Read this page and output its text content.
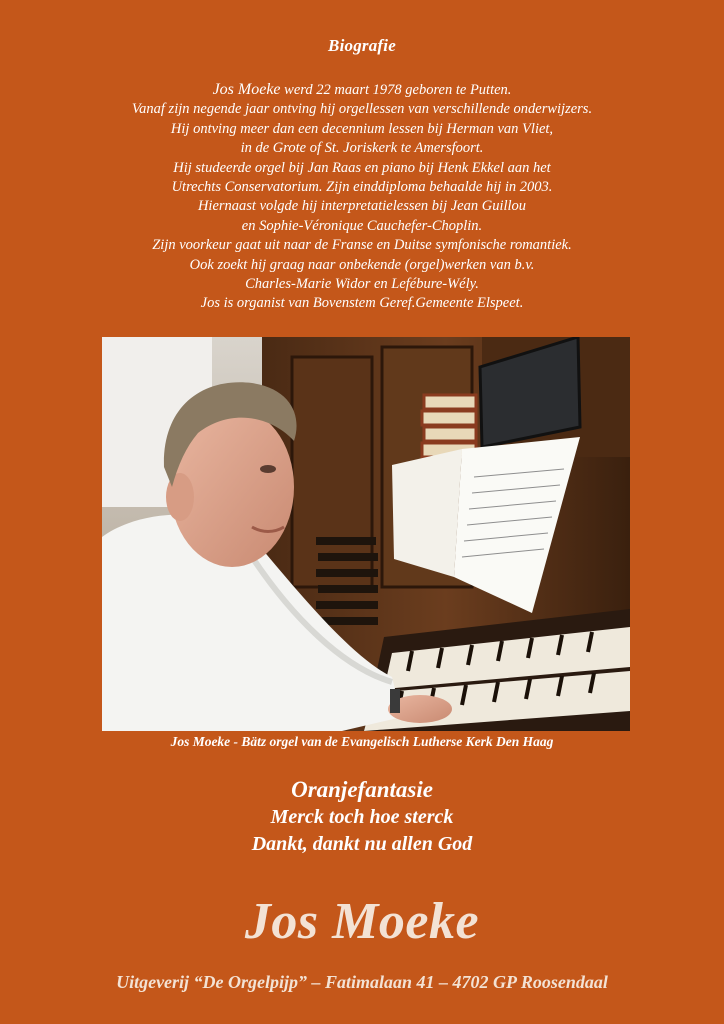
Biografie
Jos Moeke werd 22 maart 1978 geboren te Putten.
Vanaf zijn negende jaar ontving hij orgellessen van verschillende onderwijzers.
Hij ontving meer dan een decennium lessen bij Herman van Vliet,
in de Grote of St. Joriskerk te Amersfoort.
Hij studeerde orgel bij Jan Raas en piano bij Henk Ekkel aan het
Utrechts Conservatorium. Zijn einddiploma behaalde hij in 2003.
Hiernaast volgde hij interpretatielessen bij Jean Guillou
en Sophie-Véronique Cauchefer-Choplin.
Zijn voorkeur gaat uit naar de Franse en Duitse symfonische romantiek.
Ook zoekt hij graag naar onbekende (orgel)werken van b.v.
Charles-Marie Widor en Lefébure-Wély.
Jos is organist van Bovenstem Geref.Gemeente Elspeet.
Jos Moeke - Bätz orgel van de Evangelisch Lutherse Kerk Den Haag
Oranjefantasie
Merck toch hoe sterck
Dankt, dankt nu allen God
Jos Moeke
Uitgeverij “De Orgelpijp” – Fatimalaan 41 – 4702 GP Roosendaal
